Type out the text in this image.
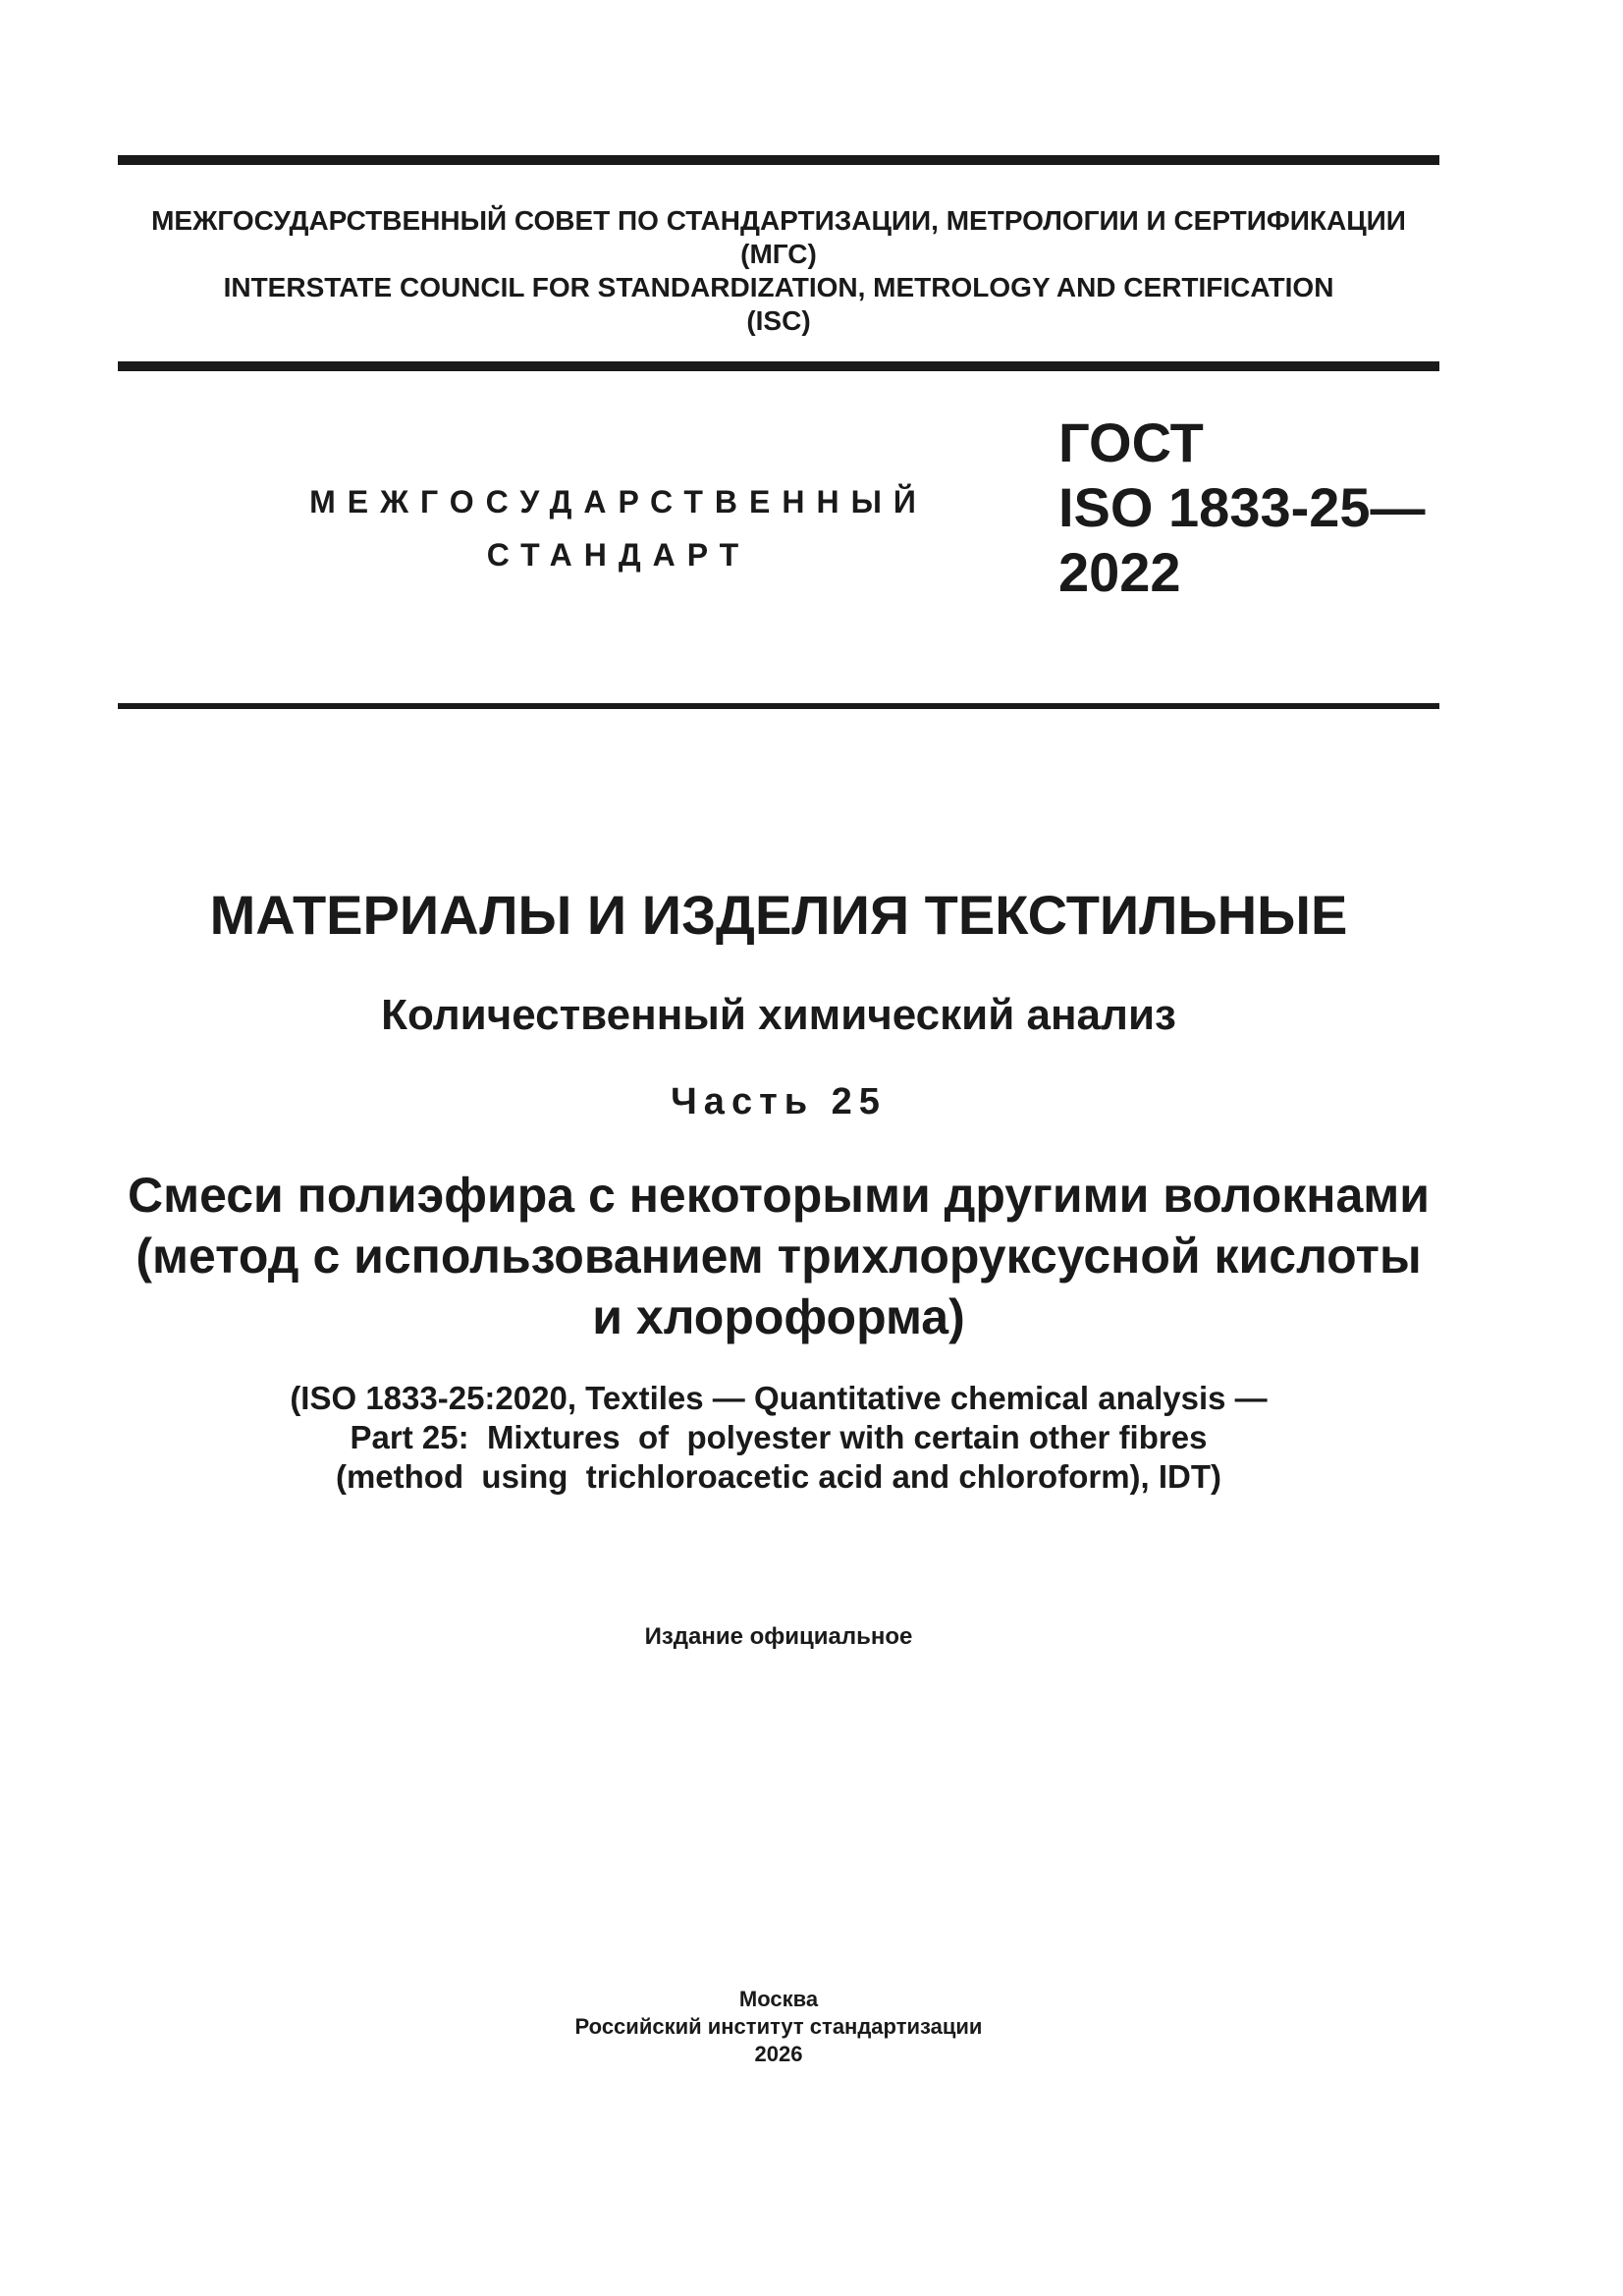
МЕЖГОСУДАРСТВЕННЫЙ СОВЕТ ПО СТАНДАРТИЗАЦИИ, МЕТРОЛОГИИ И СЕРТИФИКАЦИИ
(МГС)
INTERSTATE COUNCIL FOR STANDARDIZATION, METROLOGY AND CERTIFICATION
(ISC)
МЕЖГОСУДАРСТВЕННЫЙ
СТАНДАРТ
ГОСТ
ISO 1833-25—
2022
МАТЕРИАЛЫ И ИЗДЕЛИЯ ТЕКСТИЛЬНЫЕ
Количественный химический анализ
Часть 25
Смеси полиэфира с некоторыми другими волокнами
(метод с использованием трихлоруксусной кислоты
и хлороформа)
(ISO 1833-25:2020, Textiles — Quantitative chemical analysis —
Part 25:  Mixtures  of  polyester with certain other fibres
(method  using  trichloroacetic acid and chloroform), IDT)
Издание официальное
Москва
Российский институт стандартизации
2026
